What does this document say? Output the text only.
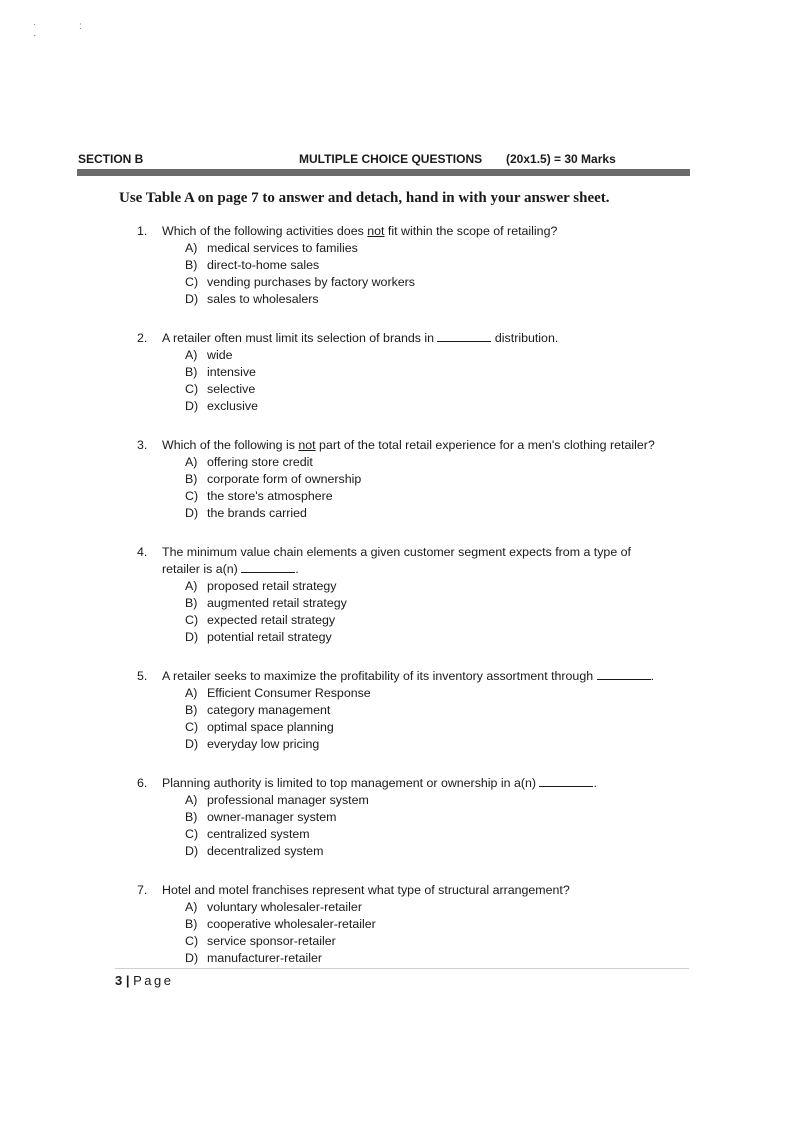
·
·
:
SECTION B	MULTIPLE CHOICE QUESTIONS (20x1.5) = 30 Marks
Use Table A on page 7 to answer and detach, hand in with your answer sheet.
1.	Which of the following activities does not fit within the scope of retailing?
A) medical services to families
B) direct-to-home sales
C) vending purchases by factory workers
D) sales to wholesalers
2.	A retailer often must limit its selection of brands in	distribution.
A) wide
B) intensive
C) selective
D) exclusive
3.	Which of the following is not part of the total retail experience for a men's clothing retailer?
A) offering store credit
B) corporate form of ownership
C) the store's atmosphere
D) the brands carried
4.	The minimum value chain elements a given customer segment expects from a type of retailer is a(n)	.
A) proposed retail strategy
B) augmented retail strategy
C) expected retail strategy
D) potential retail strategy
5.	A retailer seeks to maximize the profitability of its inventory assortment through	.
A) Efficient Consumer Response
B) category management
C) optimal space planning
D) everyday low pricing
6.	Planning authority is limited to top management or ownership in a(n)	.
A) professional manager system
B) owner-manager system
C) centralized system
D) decentralized system
7.	Hotel and motel franchises represent what type of structural arrangement?
A) voluntary wholesaler-retailer
B) cooperative wholesaler-retailer
C) service sponsor-retailer
D) manufacturer-retailer
3 | Page
